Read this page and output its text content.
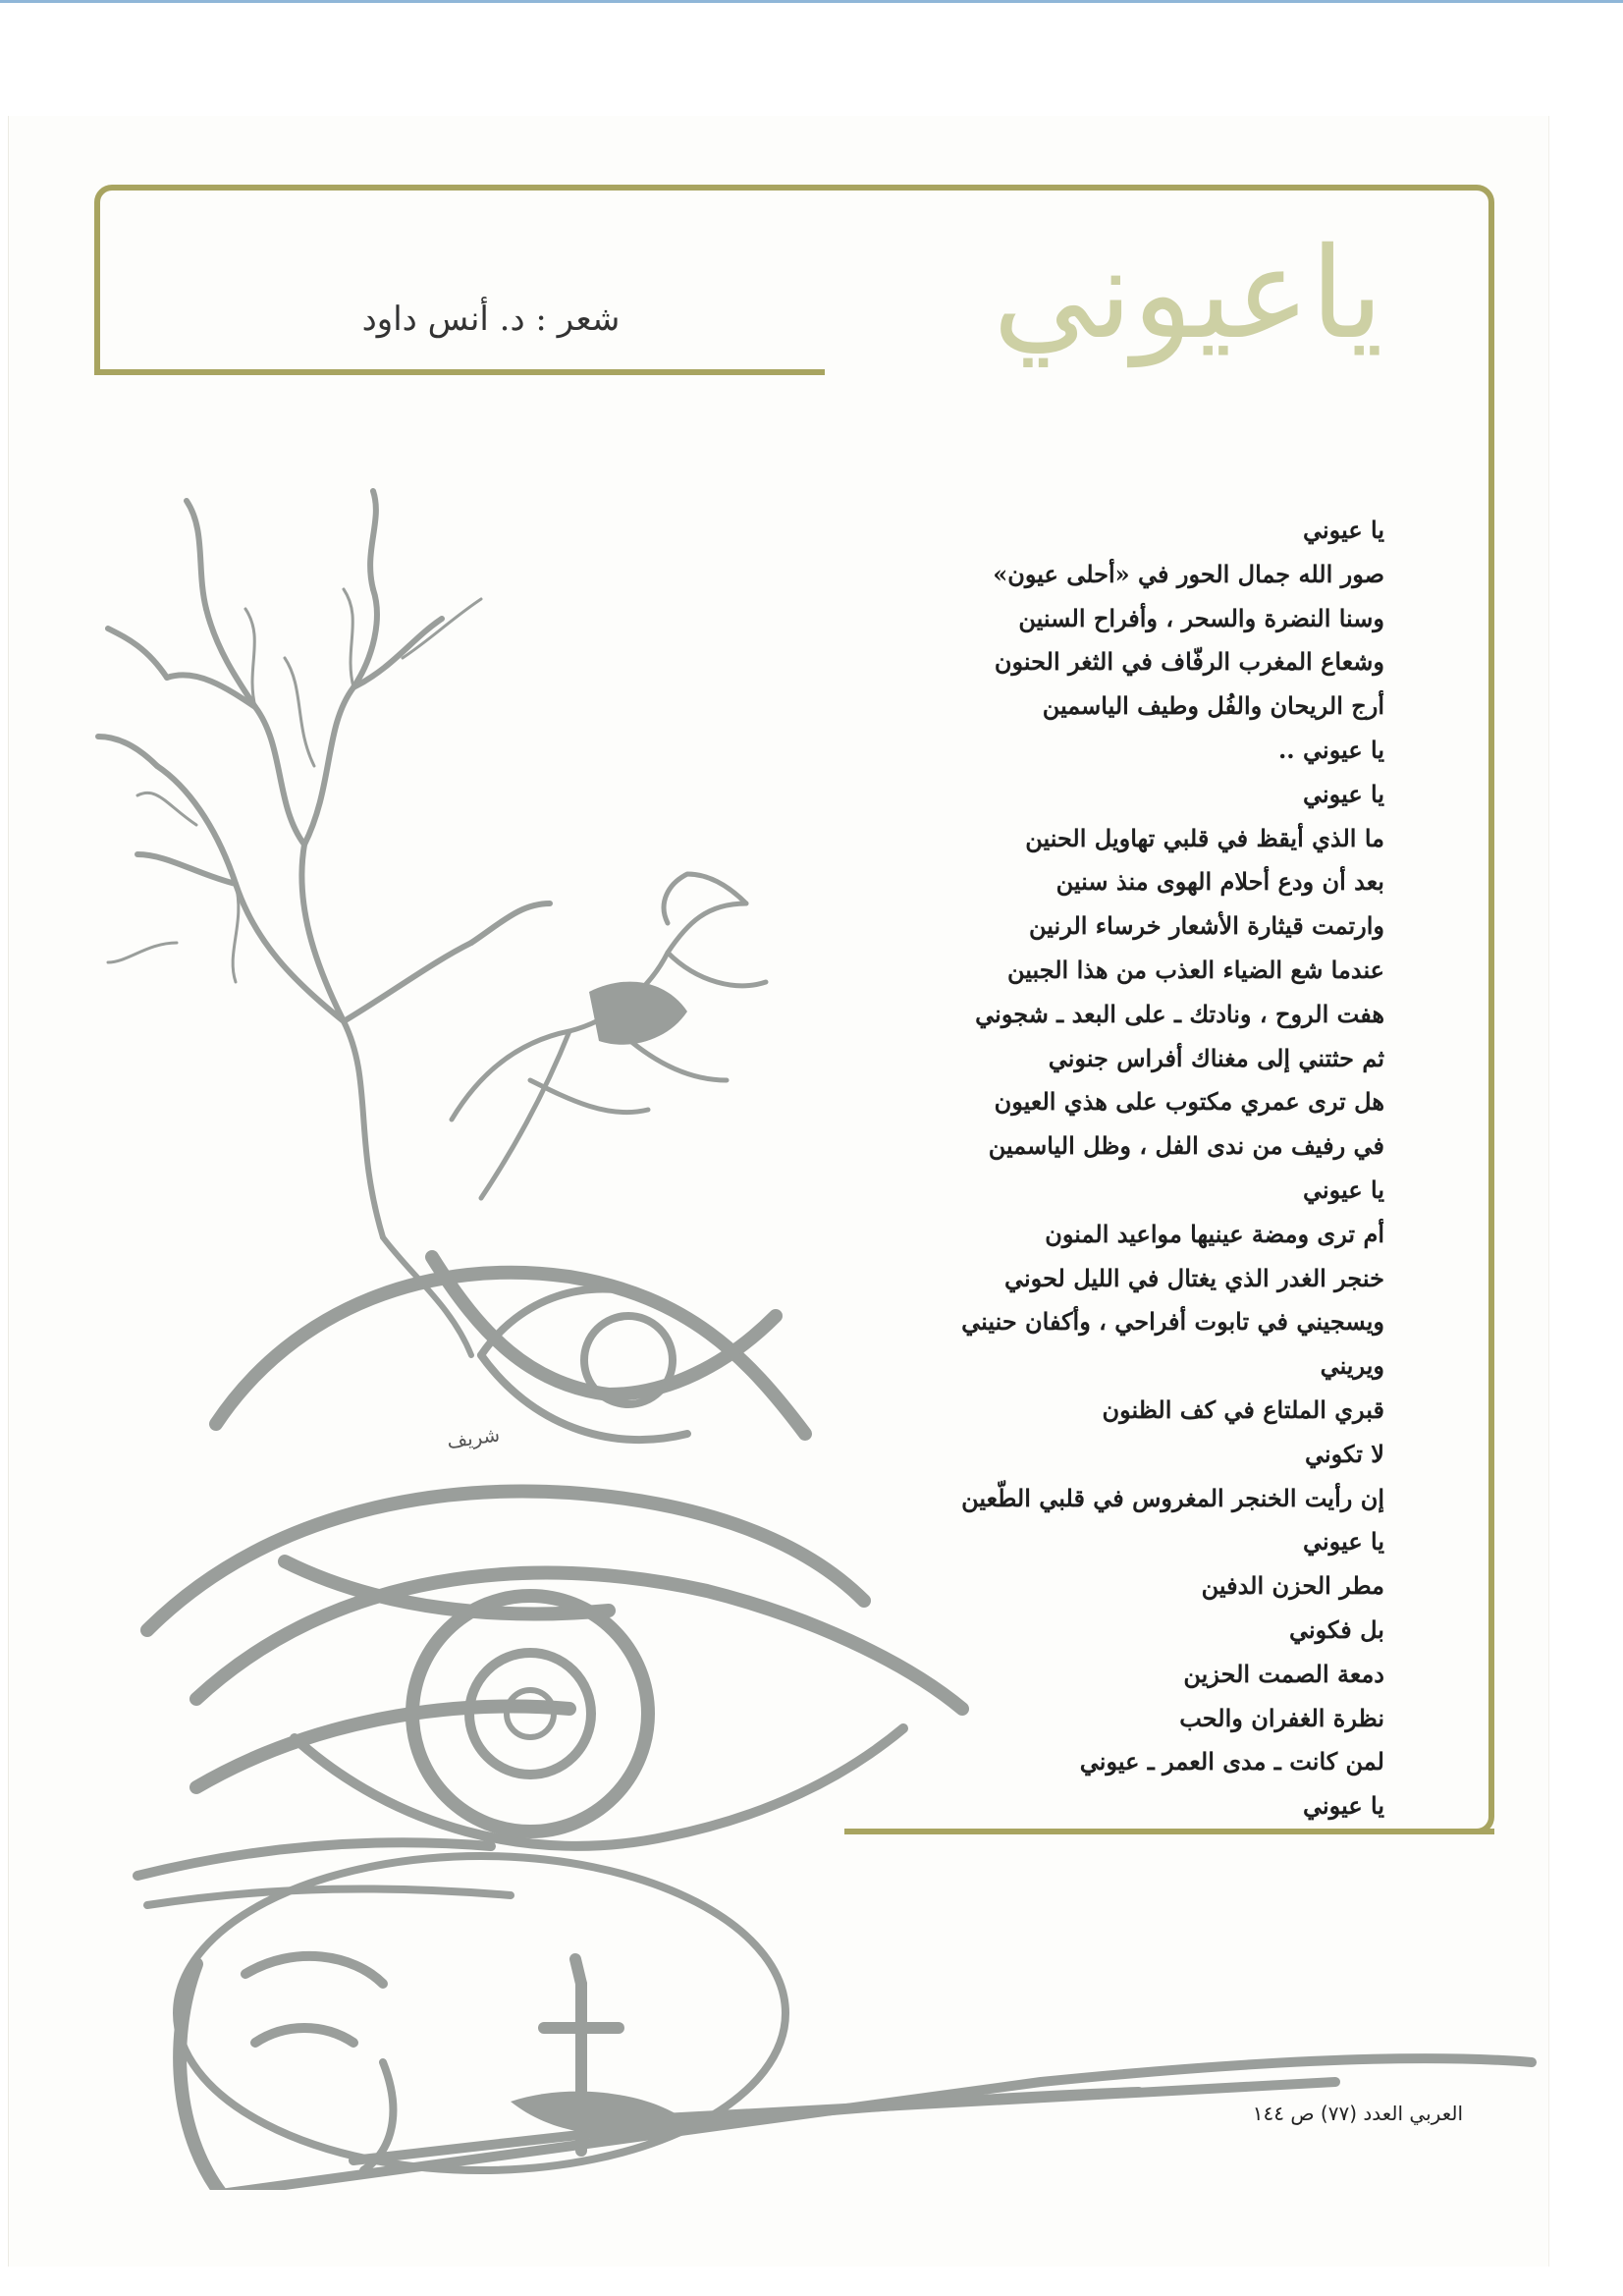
شعر : د. أنس داود	ياعيوني
يا عيوني
صور الله جمال الحور في «أحلى عيون»
وسنا النضرة والسحر ، وأفراح السنين
وشعاع المغرب الرفّاف في الثغر الحنون
أرج الريحان والفُل وطيف الياسمين
يا عيوني ..
يا عيوني
ما الذي أيقظ في قلبي تهاويل الحنين
بعد أن ودع أحلام الهوى منذ سنين
وارتمت قيثارة الأشعار خرساء الرنين
عندما شع الضياء العذب من هذا الجبين
هفت الروح ، ونادتك ـ على البعد ـ شجوني
ثم حثتني إلى مغناك أفراس جنوني
هل ترى عمري مكتوب على هذي العيون
في رفيف من ندى الفل ، وظل الياسمين
يا عيوني
أم ترى ومضة عينيها مواعيد المنون
خنجر الغدر الذي يغتال في الليل لحوني
ويسجيني في تابوت أفراحي ، وأكفان حنيني
ويريني
قبري الملتاع في كف الظنون
لا تكوني
إن رأيت الخنجر المغروس في قلبي الطّعين
يا عيوني
مطر الحزن الدفين
بل فكوني
دمعة الصمت الحزين
نظرة الغفران والحب
لمن كانت ـ مدى العمر ـ عيوني
يا عيوني
شريف
العربي العدد (٧٧) ص ١٤٤
